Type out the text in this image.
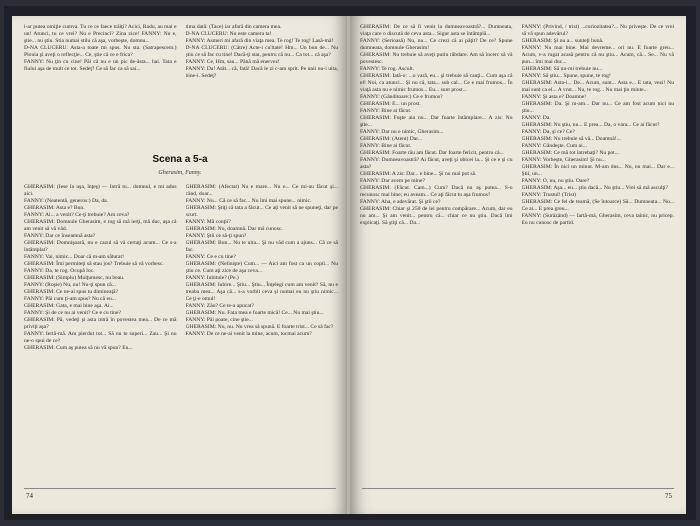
i-ar putea omiţie cumva. Tu ce ce faece trăiţi? Acici, Radu, au mai e un! Atunci, tu ce vrei? Nu e Precinci? Zina zice! FANNY: Nu e, ştie... nu ştiu. Stia numai stilu că aşa, vorbeşte, domnu...

D-NA CLUCERU: Asta-a toate mi spus. Nu sta. (Satrapescem.) Plouia şi aveţi o reflecţie... Ce, ştie că ce e frica?

FANNY: Nu ţin cu cine! Păi că nu e un pic de-ăsta... hai. Tata e fiului aşa de mult ce tot. Sedeţ? Ce să fac ca să sai...

tima dată: (Tace) iar afară din camera mea.

D-NA CLUCERU: Nu este camera ta!

FANNY: Asmeri mi afară din viaţa mea. Te rog! Te rog! Lasă-mă!

D-NA CLUCERU: (Câtre) Acte-i cu'ltate! Hm... Un bun de... Nu ştiu ce să fac cu tine! Dacă-ţi stat, pentru că nu... Ca tot... că aşa?

FANNY: Ce, Hm, sau... Până mă enervez!

FANNY: Da! Atât... că, fată! Dacă le zi c-am sprit. Pe unii nu-i uita, bine-i. Sedeţ?

Scena a 5-a
Gherasim, Fanny.

GHERASIM: (Iese în uşa, înţeş) — Intră tu... domnul, e mi adus aici.

FANNY: (Neatentă, generos:) Da, da.

GHERASIM: Asta e? Bun.

FANNY: Ai... a venit? Ce-ţi trebuie? Am ceva?

GHERASIM: Domnule Gherasim, e rog să mă ierţi, mă duc, aşa că am venit să vă văd.

FANNY: Dar ce înseamnă asta?

GHERASIM: Domnişoară, nu e cazul să vă certaţi acum... Ce s-a întâmplat?

FANNY: Vai, nimic... Doar că m-am săturat!

GHERASIM: Îmi permiteţi să stau jos? Trebuie să vă vorbesc.

FANNY: Da, te rog. Ocupă loc.

GHERASIM: (Simplu) Mulţumesc, nu beau.

FANNY: (Roşie) Nu, nu! Nu-ţi spun că...

GHERASIM: Ce ne-ai spus tu dimineaţă?

FANNY: Păi cum ţi-am spus? Nu că eu...

GHERASIM: Gata, e mai bine aşa. Ai...

FANNY: Şi de ce nu ai venit? Ce e cu tine?

GHERASIM: Pă, vedeţi şi asta intră în povestea mea... De ce mă priviţi aşa?

FANNY: Iertă-mă. Am pierdut tot... Să nu te superi... Zau... Şi nu ne-o spui de ce?

GHERASIM: Cum aş putea să nu vă spun? Eu...

GHERASIM: (Afectat) Nu e mare... Nu e... Ce mi-au făcut şi... când, doar...

FANNY: Nu... Că ce să fac... Nu îmi mai spune... nimic.

GHERASIM: Ştiţi că tata a făcut... Ce aţi venit să ne spuneţi, dar pe scurt.

FANNY: Mă conţii?

GHERASIM: Nu, doamnă. Dar mă cunosc.

FANNY: Ştii ce să-ţi spun?

GHERASIM: Bun... Nu te uita... Şi nu văd cum a ajuns... Că ce să fac.

FANNY: Ce e cu tine?

GHERASIM: (Nelinişte) Cum... — Aici am fost ca un copil... Nu ştiu ce. Cum aţi zice de aşa ceva...

FANNY: Iubitule? (Pe.)

GHERASIM: Iubire... Ştiu... Ştiu... Înţelegi cum am venit? Să, nu e treaba mea... Aşa că... s-a vorbit ceva şi numai eu nu ştiu nimic... Ce ţi-e omul!

FANNY: Zău? Ce te-a apucat?

GHERASIM: Nu. Fata mea e foarte mică! Ce... Nu mai ştiu...

FANNY: Păi poate, cine ştie...

GHERASIM: Nu, nu. Nu vrea să spună. E foarte trist... Ce să fac?

FANNY: De ce ne-ai venit la mine, acum, tocmai acum?

74

GHERASIM: De ce să fi venit la dumneavoastră?... Dumneata, viaţa care o discută de ceva asta... Sigur asta se întâmplă...

FANNY: (Serioasă) Nu, nu... Ce crezi că ai păţit? De ce? Spune dumneata, domnule Gherasim!

GHERASIM: Nu trebuie să aveţi putin răbdare. Am să încerc să vă povestesc.

FANNY: Te rog. Ascult.

GHERASIM: Iată-o: ...o vară, eu... şi trebuie să cauţi... Cum aşa că el! Noi, ca atunci... Şi nu că, tata... sub cal... Ce e mai frumos... În viaţă asta nu e nimic frumos... Eu... sunt prost...

FANNY: (Gânditoare:) Ce e frumos?

GHERASIM: E... un prost.

FANNY: Bine ai făcut.

GHERASIM: Fuşte aia nu... Dar foarte întâmplare... A zis: Nu ştie...

FANNY: Dar nu e nimic, Gherasim...

GHERASIM: (Atent) Dar...

FANNY: Bine ai făcut.

GHERASIM: Foarte rău am făcut. Dar foarte fericit, pentru că...

FANNY: Dumneavoastră? Ai făcut, aveţi şi obicei la... Şi ce e şi cu asta?

GHERASIM: A zis: Dar... e bine... Şi nu mai pot să.

FANNY: Dar avem pe mine?

GHERASIM: (Făcut. Cam...) Cum? Dacă nu aş putea... S-o recunosc mai bine; eu aveam... Ce aţi făcut tu aşa frumos?

FANNY: Aha, e adevărat. Şi ştii ce?

GHERASIM: Chiar şi 250 de lei pentru compărare... Acum, dar eu nu am... Şi am venit... pentru că... chiar ce nu ştiu. Dacă îmi explicaţi. Să ştiţi că... Da...

FANNY: (Privind, / trist) ...curiozitatea?... Nu priveşte. De ce vrei să vă spun adevărul?

GHERASIM: Şi nu a... sunteţi bună.

FANNY: Nu mai bine. Mai devreme... ori nu. E foarte greu... Acum, v-a rugat acasă pentru că nu ştiu... Acum, că... Se... Nu vă pun... îmi mai duc...

GHERASIM: Să nu-mi trebuie nu...

FANNY: Să ştiu... Spune, spune, te rog!

GHERASIM: Asta-i... De... Acum, sunt... Asta e... E tata, vezi! Nu mai sunt ca el... A vrut... Nu, te rog... Nu mai ţin minte...

FANNY: Şi asta e? Doamne!

GHERASIM: Da. Şi m-am... Dar nu... Ce am fost acum nici nu ştiu...

FANNY: Da.

GHERASIM: Nu ştiu, nu... E prea... Da, o vara... Ce ai făcut?

FANNY: Da, şi ce? Ce?

GHERASIM: Nu trebuie să vă... Doamnă!...

FANNY: Gândeşte. Cum ai...

GHERASIM: Ce mă tot întrebaţi? Nu pot...

FANNY: Vorbeşte, Gherasim! Şi nu...

GHERASIM: În nici un minut. M-am dus... Nu, nu mai... Dar e... Ştii, un...

FANNY: O, nu, nu ştiu. Oare?

GHERASIM: Aşa... eu... ştiu dacă... Nu ştiu... Vrei să mă asculţi?

FANNY: Trustul! (Trist)

GHERASIM: Ce fel de teamă, (Se întoarce) Să... Dumneata... Nu... Ce ai... E prea greu...

FANNY: (Surâzând) — Iartă-mă, Gherasim, ceva tainic, nu pricep. Eu nu cunosc de partid.

75
